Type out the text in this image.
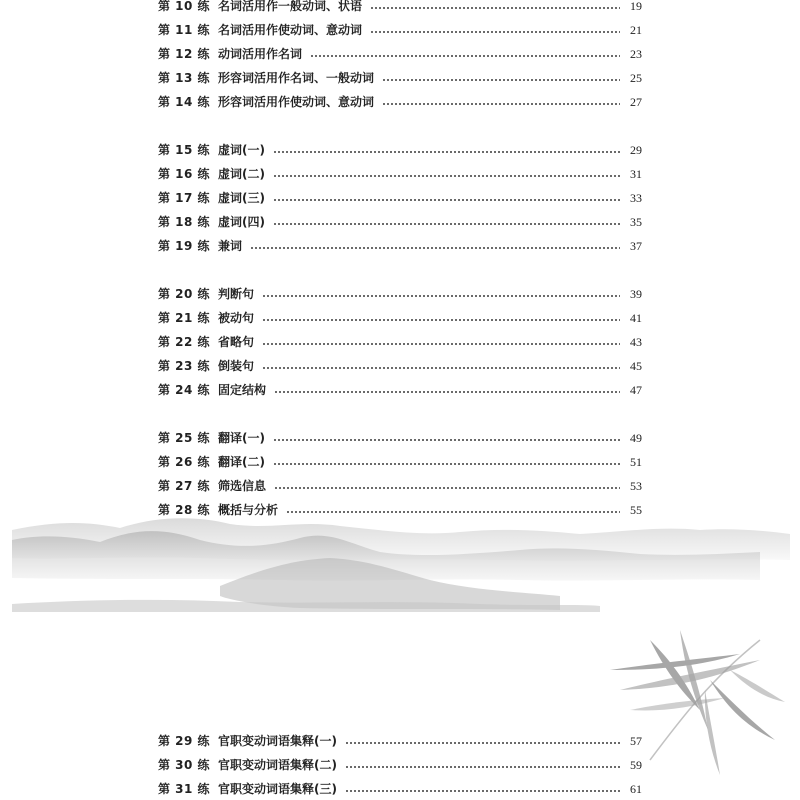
第 10 练 名词活用作一般动词、状语	19
第 11 练 名词活用作使动词、意动词	21
第 12 练 动词活用作名词	23
第 13 练 形容词活用作名词、一般动词	25
第 14 练 形容词活用作使动词、意动词	27
第 15 练 虚词(一)	29
第 16 练 虚词(二)	31
第 17 练 虚词(三)	33
第 18 练 虚词(四)	35
第 19 练 兼词	37
第 20 练 判断句	39
第 21 练 被动句	41
第 22 练 省略句	43
第 23 练 倒装句	45
第 24 练 固定结构	47
第 25 练 翻译(一)	49
第 26 练 翻译(二)	51
第 27 练 筛选信息	53
第 28 练 概括与分析	55
第 29 练 官职变动词语集释(一)	57
第 30 练 官职变动词语集释(二)	59
第 31 练 官职变动词语集释(三)	61
